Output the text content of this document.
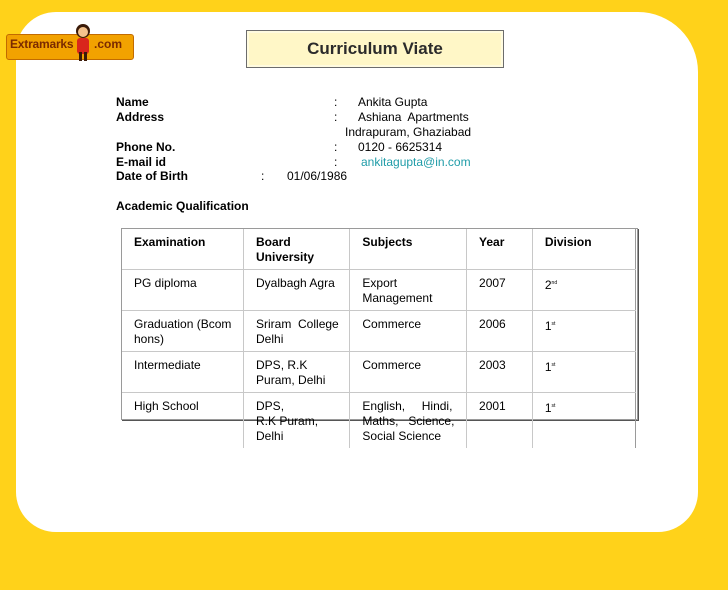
Extramarks .com	Curriculum Viate
Name	: Ankita Gupta
Address	: Ashiana  Apartments
Indrapuram, Ghaziabad
Phone No.	: 0120 - 6625314
E-mail id	: ankitagupta@in.com
Date of Birth	: 01/06/1986
Academic Qualification
Examination	Board University	Subjects	Year	Division
PG diploma	Dyalbagh Agra	Export Management	2007	2nd
Graduation (Bcom hons)	Sriram  College Delhi	Commerce	2006	1st
Intermediate	DPS, R.K Puram, Delhi	Commerce	2003	1st
High School	DPS,            R.K Puram, Delhi	English,     Hindi, Maths,   Science, Social Science	2001	1st
